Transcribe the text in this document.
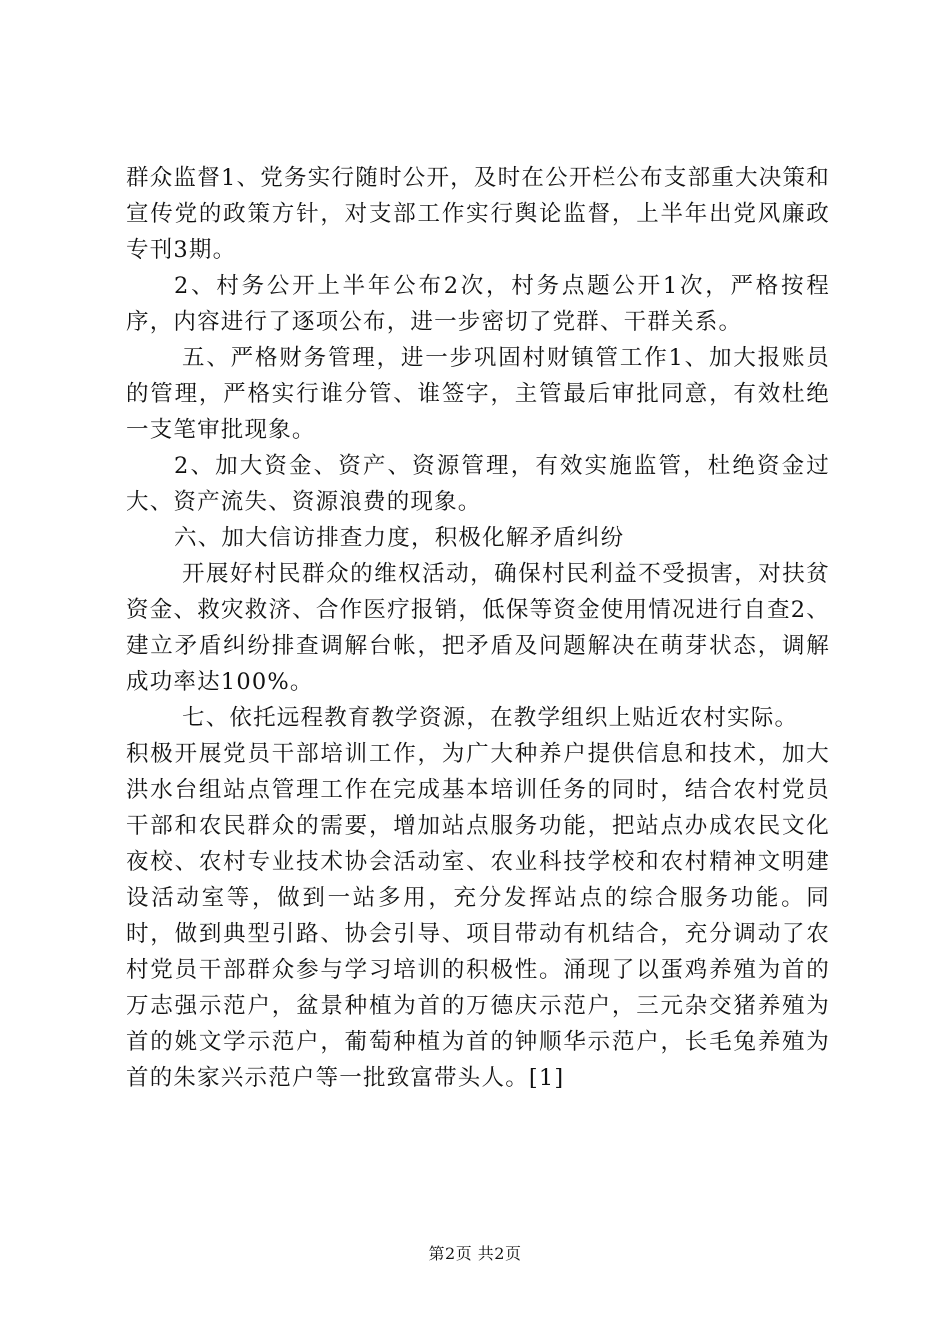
群众监督1、党务实行随时公开，及时在公开栏公布支部重大决策和宣传党的政策方针，对支部工作实行舆论监督，上半年出党风廉政专刊3期。

2、村务公开上半年公布2次，村务点题公开1次，严格按程序，内容进行了逐项公布，进一步密切了党群、干群关系。

五、严格财务管理，进一步巩固村财镇管工作1、加大报账员的管理，严格实行谁分管、谁签字，主管最后审批同意，有效杜绝一支笔审批现象。

2、加大资金、资产、资源管理，有效实施监管，杜绝资金过大、资产流失、资源浪费的现象。

六、加大信访排查力度，积极化解矛盾纠纷

开展好村民群众的维权活动，确保村民利益不受损害，对扶贫资金、救灾救济、合作医疗报销，低保等资金使用情况进行自查2、建立矛盾纠纷排查调解台帐，把矛盾及问题解决在萌芽状态，调解成功率达100%。

七、依托远程教育教学资源，在教学组织上贴近农村实际。

积极开展党员干部培训工作，为广大种养户提供信息和技术，加大洪水台组站点管理工作在完成基本培训任务的同时，结合农村党员干部和农民群众的需要，增加站点服务功能，把站点办成农民文化夜校、农村专业技术协会活动室、农业科技学校和农村精神文明建设活动室等，做到一站多用，充分发挥站点的综合服务功能。同时，做到典型引路、协会引导、项目带动有机结合，充分调动了农村党员干部群众参与学习培训的积极性。涌现了以蛋鸡养殖为首的万志强示范户，盆景种植为首的万德庆示范户，三元杂交猪养殖为首的姚文学示范户，葡萄种植为首的钟顺华示范户，长毛兔养殖为首的朱家兴示范户等一批致富带头人。[1]

第2页 共2页
